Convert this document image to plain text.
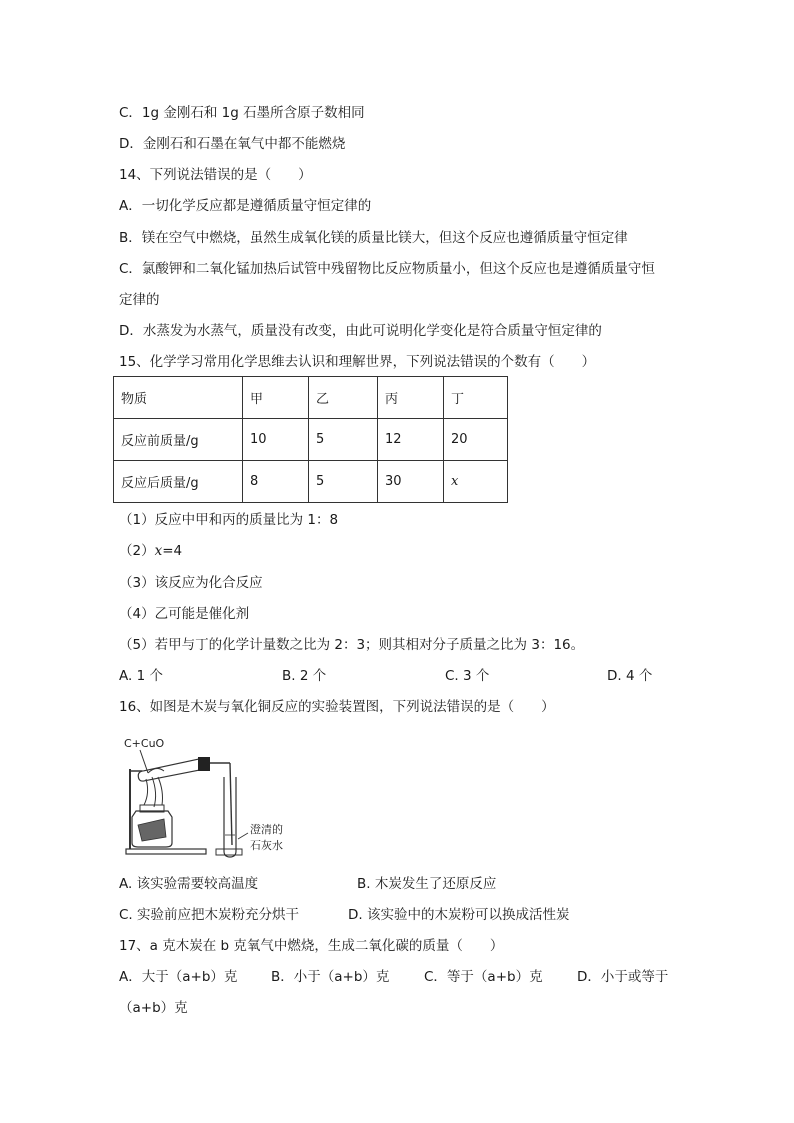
C．1g 金刚石和 1g 石墨所含原子数相同
D．金刚石和石墨在氧气中都不能燃烧
14、下列说法错误的是（　　）
A．一切化学反应都是遵循质量守恒定律的
B．镁在空气中燃烧，虽然生成氧化镁的质量比镁大，但这个反应也遵循质量守恒定律
C．氯酸钾和二氧化锰加热后试管中残留物比反应物质量小，但这个反应也是遵循质量守恒
定律的
D．水蒸发为水蒸气，质量没有改变，由此可说明化学变化是符合质量守恒定律的
15、化学学习常用化学思维去认识和理解世界，下列说法错误的个数有（　　）
物质	甲	乙	丙	丁
反应前质量/g	10	5	12	20
反应后质量/g	8	5	30	x
（1）反应中甲和丙的质量比为 1：8
（2）x=4
（3）该反应为化合反应
（4）乙可能是催化剂
（5）若甲与丁的化学计量数之比为 2：3；则其相对分子质量之比为 3：16。
A. 1 个	B. 2 个	C. 3 个	D. 4 个
16、如图是木炭与氧化铜反应的实验装置图，下列说法错误的是（　　）
C+CuO
澄清的
石灰水
A. 该实验需要较高温度	B. 木炭发生了还原反应
C. 实验前应把木炭粉充分烘干	D. 该实验中的木炭粉可以换成活性炭
17、a 克木炭在 b 克氧气中燃烧，生成二氧化碳的质量（　　）
A．大于（a+b）克 B．小于（a+b）克	C．等于（a+b）克	D．小于或等于
（a+b）克
